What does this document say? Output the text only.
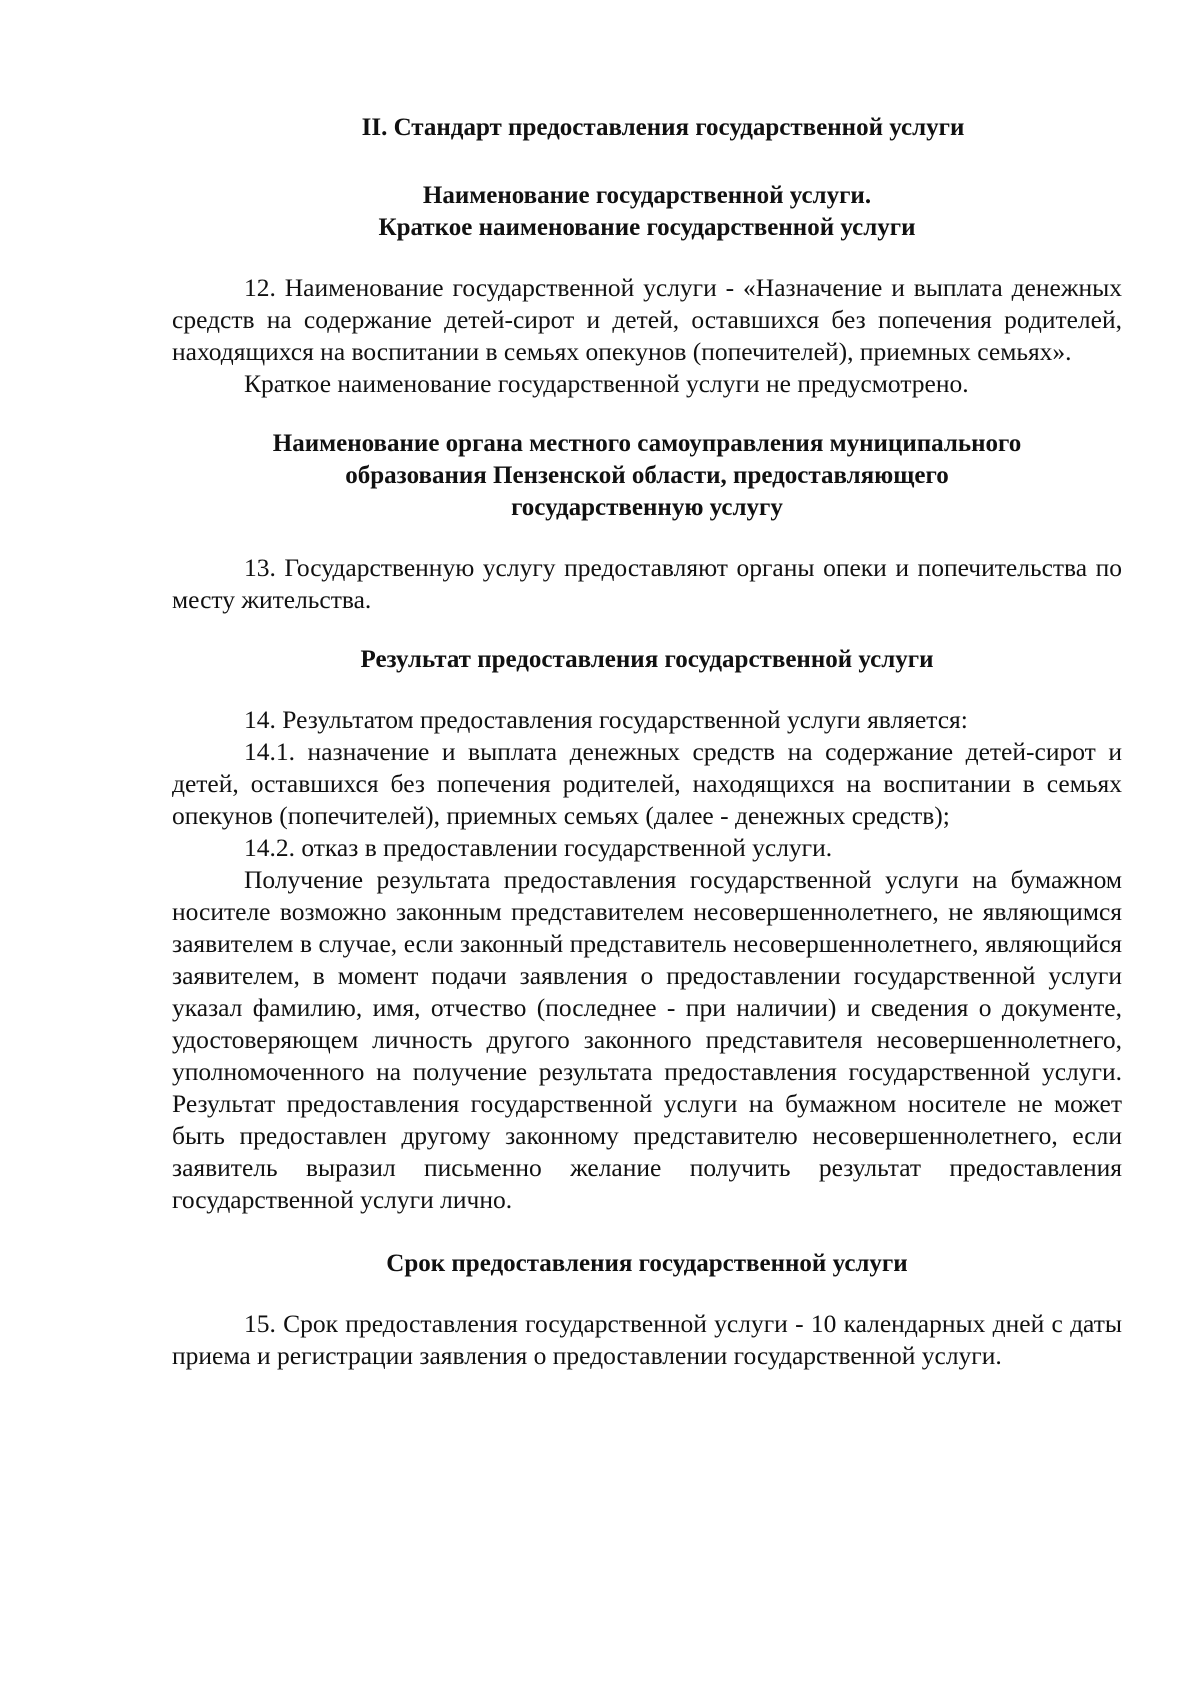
II. Стандарт предоставления государственной услуги

Наименование государственной услуги.

Краткое наименование государственной услуги

12. Наименование государственной услуги - «Назначение и выплата денежных средств на содержание детей-сирот и детей, оставшихся без попечения родителей, находящихся на воспитании в семьях опекунов (попечителей), приемных семьях».

Краткое наименование государственной услуги не предусмотрено.

Наименование органа местного самоуправления муниципального

образования Пензенской области, предоставляющего

государственную услугу

13. Государственную услугу предоставляют органы опеки и попечительства по месту жительства.

Результат предоставления государственной услуги

14. Результатом предоставления государственной услуги является:

14.1. назначение и выплата денежных средств на содержание детей-сирот и детей, оставшихся без попечения родителей, находящихся на воспитании в семьях опекунов (попечителей), приемных семьях (далее - денежных средств);

14.2. отказ в предоставлении государственной услуги.

Получение результата предоставления государственной услуги на бумажном носителе возможно законным представителем несовершеннолетнего, не являющимся заявителем в случае, если законный представитель несовершеннолетнего, являющийся заявителем, в момент подачи заявления о предоставлении государственной услуги указал фамилию, имя, отчество (последнее - при наличии) и сведения о документе, удостоверяющем личность другого законного представителя несовершеннолетнего, уполномоченного на получение результата предоставления государственной услуги. Результат предоставления государственной услуги на бумажном носителе не может быть предоставлен другому законному представителю несовершеннолетнего, если заявитель выразил письменно желание получить результат предоставления государственной услуги лично.

Срок предоставления государственной услуги

15. Срок предоставления государственной услуги - 10 календарных дней с даты приема и регистрации заявления о предоставлении государственной услуги.
